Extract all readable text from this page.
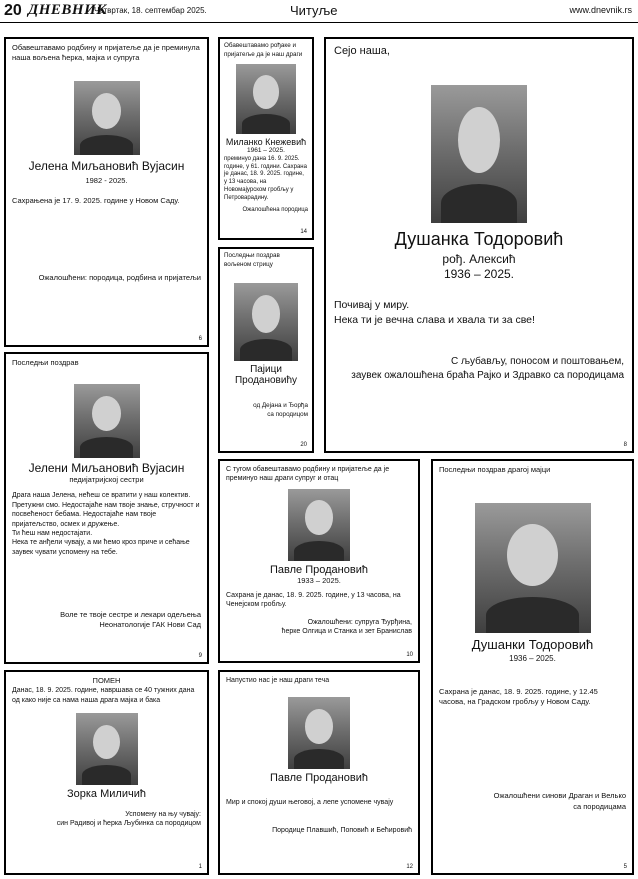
20 ДНЕВНИК
Четвртак, 18. септембар 2025.	Читуље	www.dnevnik.rs
Обавештавамо родбину и пријатеље да је преминула наша вољена ћерка, мајка и супруга
Јелена Миљановић Вујасин
1982 - 2025.
Сахрањена је 17. 9. 2025. године у Новом Саду.
Ожалошћени: породица, родбина и пријатељи
6
Обавештавамо рођаке и пријатеље да је наш драги
Миланко Кнежевић
1961 – 2025.
преминуо дана 16. 9. 2025. године, у 61. години. Сахрана је данас, 18. 9. 2025. године, у 13 часова, на Новомајурском гробљу у Петроварадину.
Ожалошћена породица
14
Сејо наша,
Душанка Тодоровић
рођ. Алексић
1936 – 2025.
Почивај у миру.
Нека ти је вечна слава и хвала ти за све!
С љубављу, поносом и поштовањем,
заувек ожалошћена браћа Рајко и Здравко са породицама
8
Последњи поздрав вољеном стрицу
Пајици
Продановићу
од Дејана и Ђорђа
са породицом
20
Последњи поздрав
Јелени Миљановић Вујасин
педијатријској сестри
Драга наша Јелена, нећеш се вратити у наш колектив. Претужни смо. Недостајаће нам твоје знање, стручност и посвећеност бебама. Недостајаће нам твоје пријатељство, осмех и дружење.
Ти ћеш нам недостајати.
Нека те анђели чувају, а ми ћемо кроз приче и сећање заувек чувати успомену на тебе.
Воле те твоје сестре и лекари одељења Неонатологије ГАК Нови Сад
9
С тугом обавештавамо родбину и пријатеље да је преминуо наш драги супруг и отац
Павле Продановић
1933 – 2025.
Сахрана је данас, 18. 9. 2025. године, у 13 часова, на Ченејском гробљу.
Ожалошћени: супруга Ђурђина,
ћерке Олгица и Станка и зет Бранислав
10
Последњи поздрав драгој мајци
Душанки Тодоровић
1936 – 2025.
Сахрана је данас, 18. 9. 2025. године, у 12.45 часова, на Градском гробљу у Новом Саду.
Ожалошћени синови Драган и Велько
са породицама
5
ПОМЕН
Данас, 18. 9. 2025. године, навршава се 40 тужних дана од како није са нама наша драга мајка и бака
Зорка Миличић
Успомену на њу чувају:
син Радивој и ћерка Љубинка са породицом
1
Напустио нас је наш драги теча
Павле Продановић
Мир и спокој души његовој, а лепе успомене чувају
Породице Плавшић, Поповић и Бећировић
12
